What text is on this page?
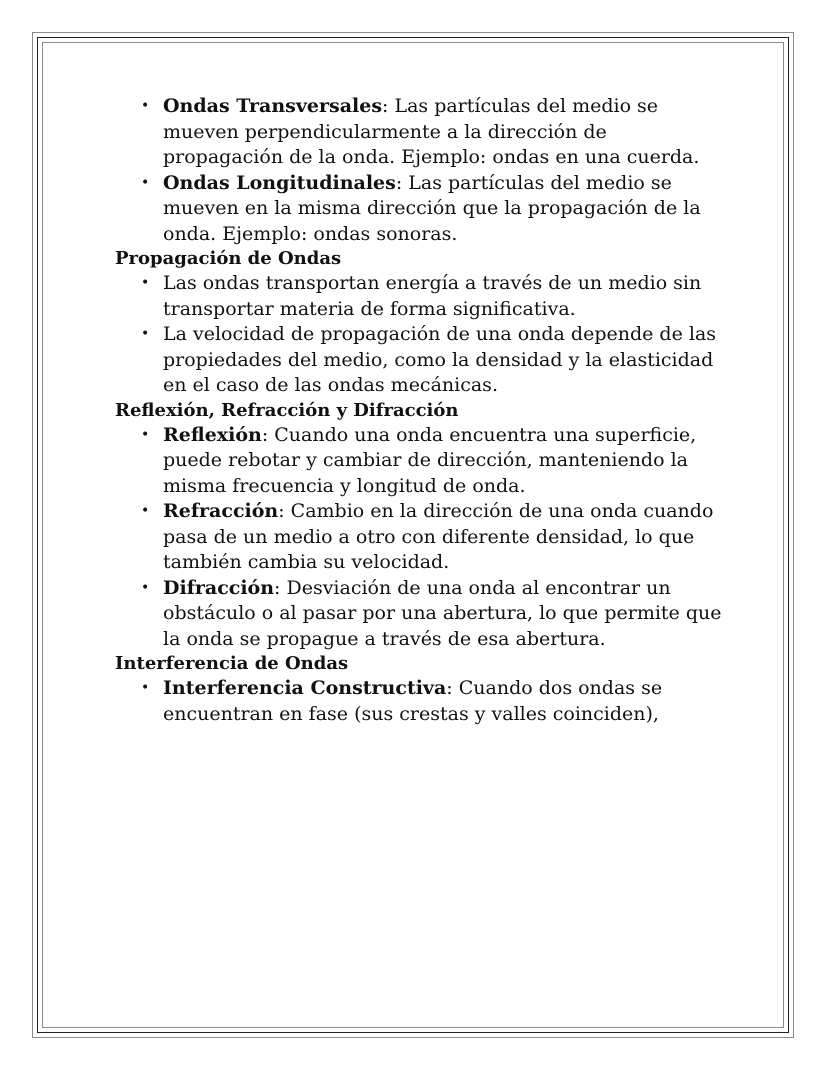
• Ondas Transversales: Las partículas del medio se mueven perpendicularmente a la dirección de propagación de la onda. Ejemplo: ondas en una cuerda.
• Ondas Longitudinales: Las partículas del medio se mueven en la misma dirección que la propagación de la onda. Ejemplo: ondas sonoras.
Propagación de Ondas
• Las ondas transportan energía a través de un medio sin transportar materia de forma significativa.
• La velocidad de propagación de una onda depende de las propiedades del medio, como la densidad y la elasticidad en el caso de las ondas mecánicas.
Reflexión, Refracción y Difracción
• Reflexión: Cuando una onda encuentra una superficie, puede rebotar y cambiar de dirección, manteniendo la misma frecuencia y longitud de onda.
• Refracción: Cambio en la dirección de una onda cuando pasa de un medio a otro con diferente densidad, lo que también cambia su velocidad.
• Difracción: Desviación de una onda al encontrar un obstáculo o al pasar por una abertura, lo que permite que la onda se propague a través de esa abertura.
Interferencia de Ondas
• Interferencia Constructiva: Cuando dos ondas se encuentran en fase (sus crestas y valles coinciden),
